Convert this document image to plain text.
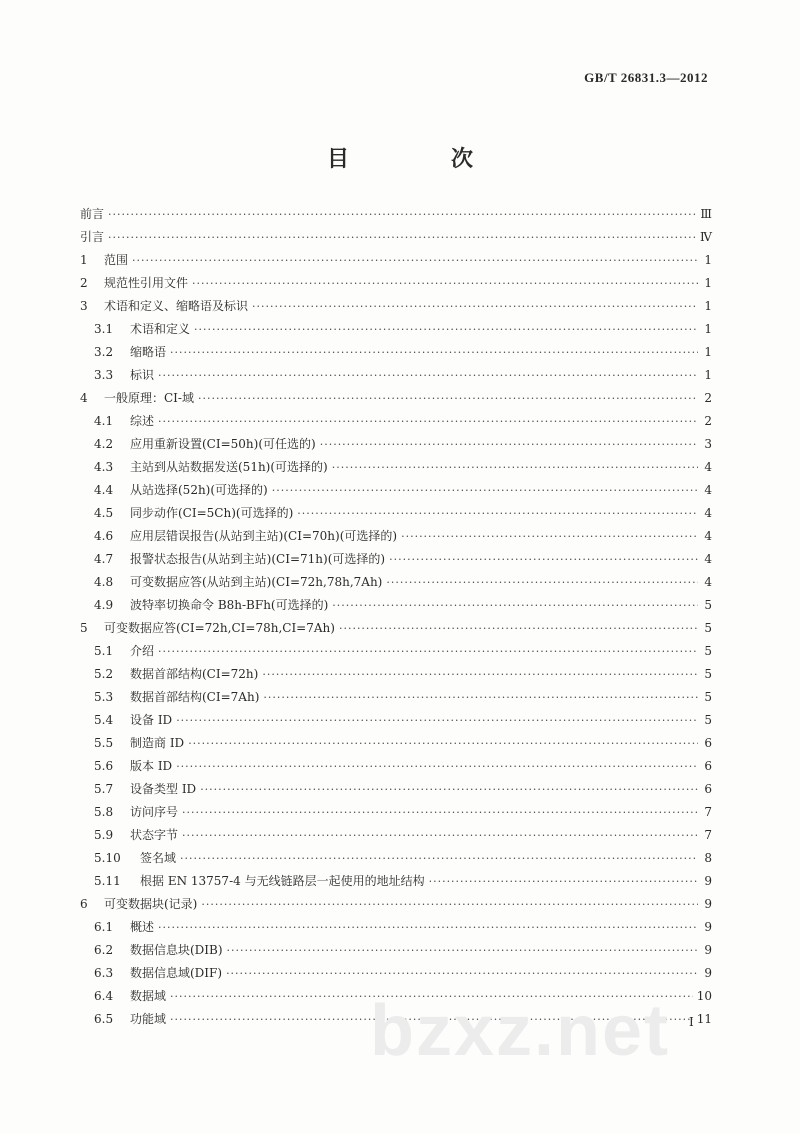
GB/T 26831.3—2012
目　次
前言 ·····	Ⅲ
引言 ·····	Ⅳ
1	范围 ·····	1
2	规范性引用文件 ·····	1
3	术语和定义、缩略语及标识 ·····	1
3.1	术语和定义 ·····	1
3.2	缩略语 ·····	1
3.3	标识 ·····	1
4	一般原理：CI-域 ·····	2
4.1	综述 ·····	2
4.2	应用重新设置(CI=50h)(可任选的) ·····	3
4.3	主站到从站数据发送(51h)(可选择的) ·····	4
4.4	从站选择(52h)(可选择的) ·····	4
4.5	同步动作(CI=5Ch)(可选择的) ·····	4
4.6	应用层错误报告(从站到主站)(CI=70h)(可选择的) ·····	4
4.7	报警状态报告(从站到主站)(CI=71h)(可选择的) ·····	4
4.8	可变数据应答(从站到主站)(CI=72h,78h,7Ah) ·····	4
4.9	波特率切换命令 B8h-BFh(可选择的) ·····	5
5	可变数据应答(CI=72h,CI=78h,CI=7Ah) ·····	5
5.1	介绍 ·····	5
5.2	数据首部结构(CI=72h) ·····	5
5.3	数据首部结构(CI=7Ah) ·····	5
5.4	设备 ID ·····	5
5.5	制造商 ID ·····	6
5.6	版本 ID ·····	6
5.7	设备类型 ID ·····	6
5.8	访问序号 ·····	7
5.9	状态字节 ·····	7
5.10	签名域 ·····	8
5.11	根据 EN 13757-4 与无线链路层一起使用的地址结构 ·····	9
6	可变数据块(记录) ·····	9
6.1	概述 ·····	9
6.2	数据信息块(DIB) ·····	9
6.3	数据信息域(DIF) ·····	9
6.4	数据域 ·····	10
6.5	功能域 ·····	11
bzxz.net I
